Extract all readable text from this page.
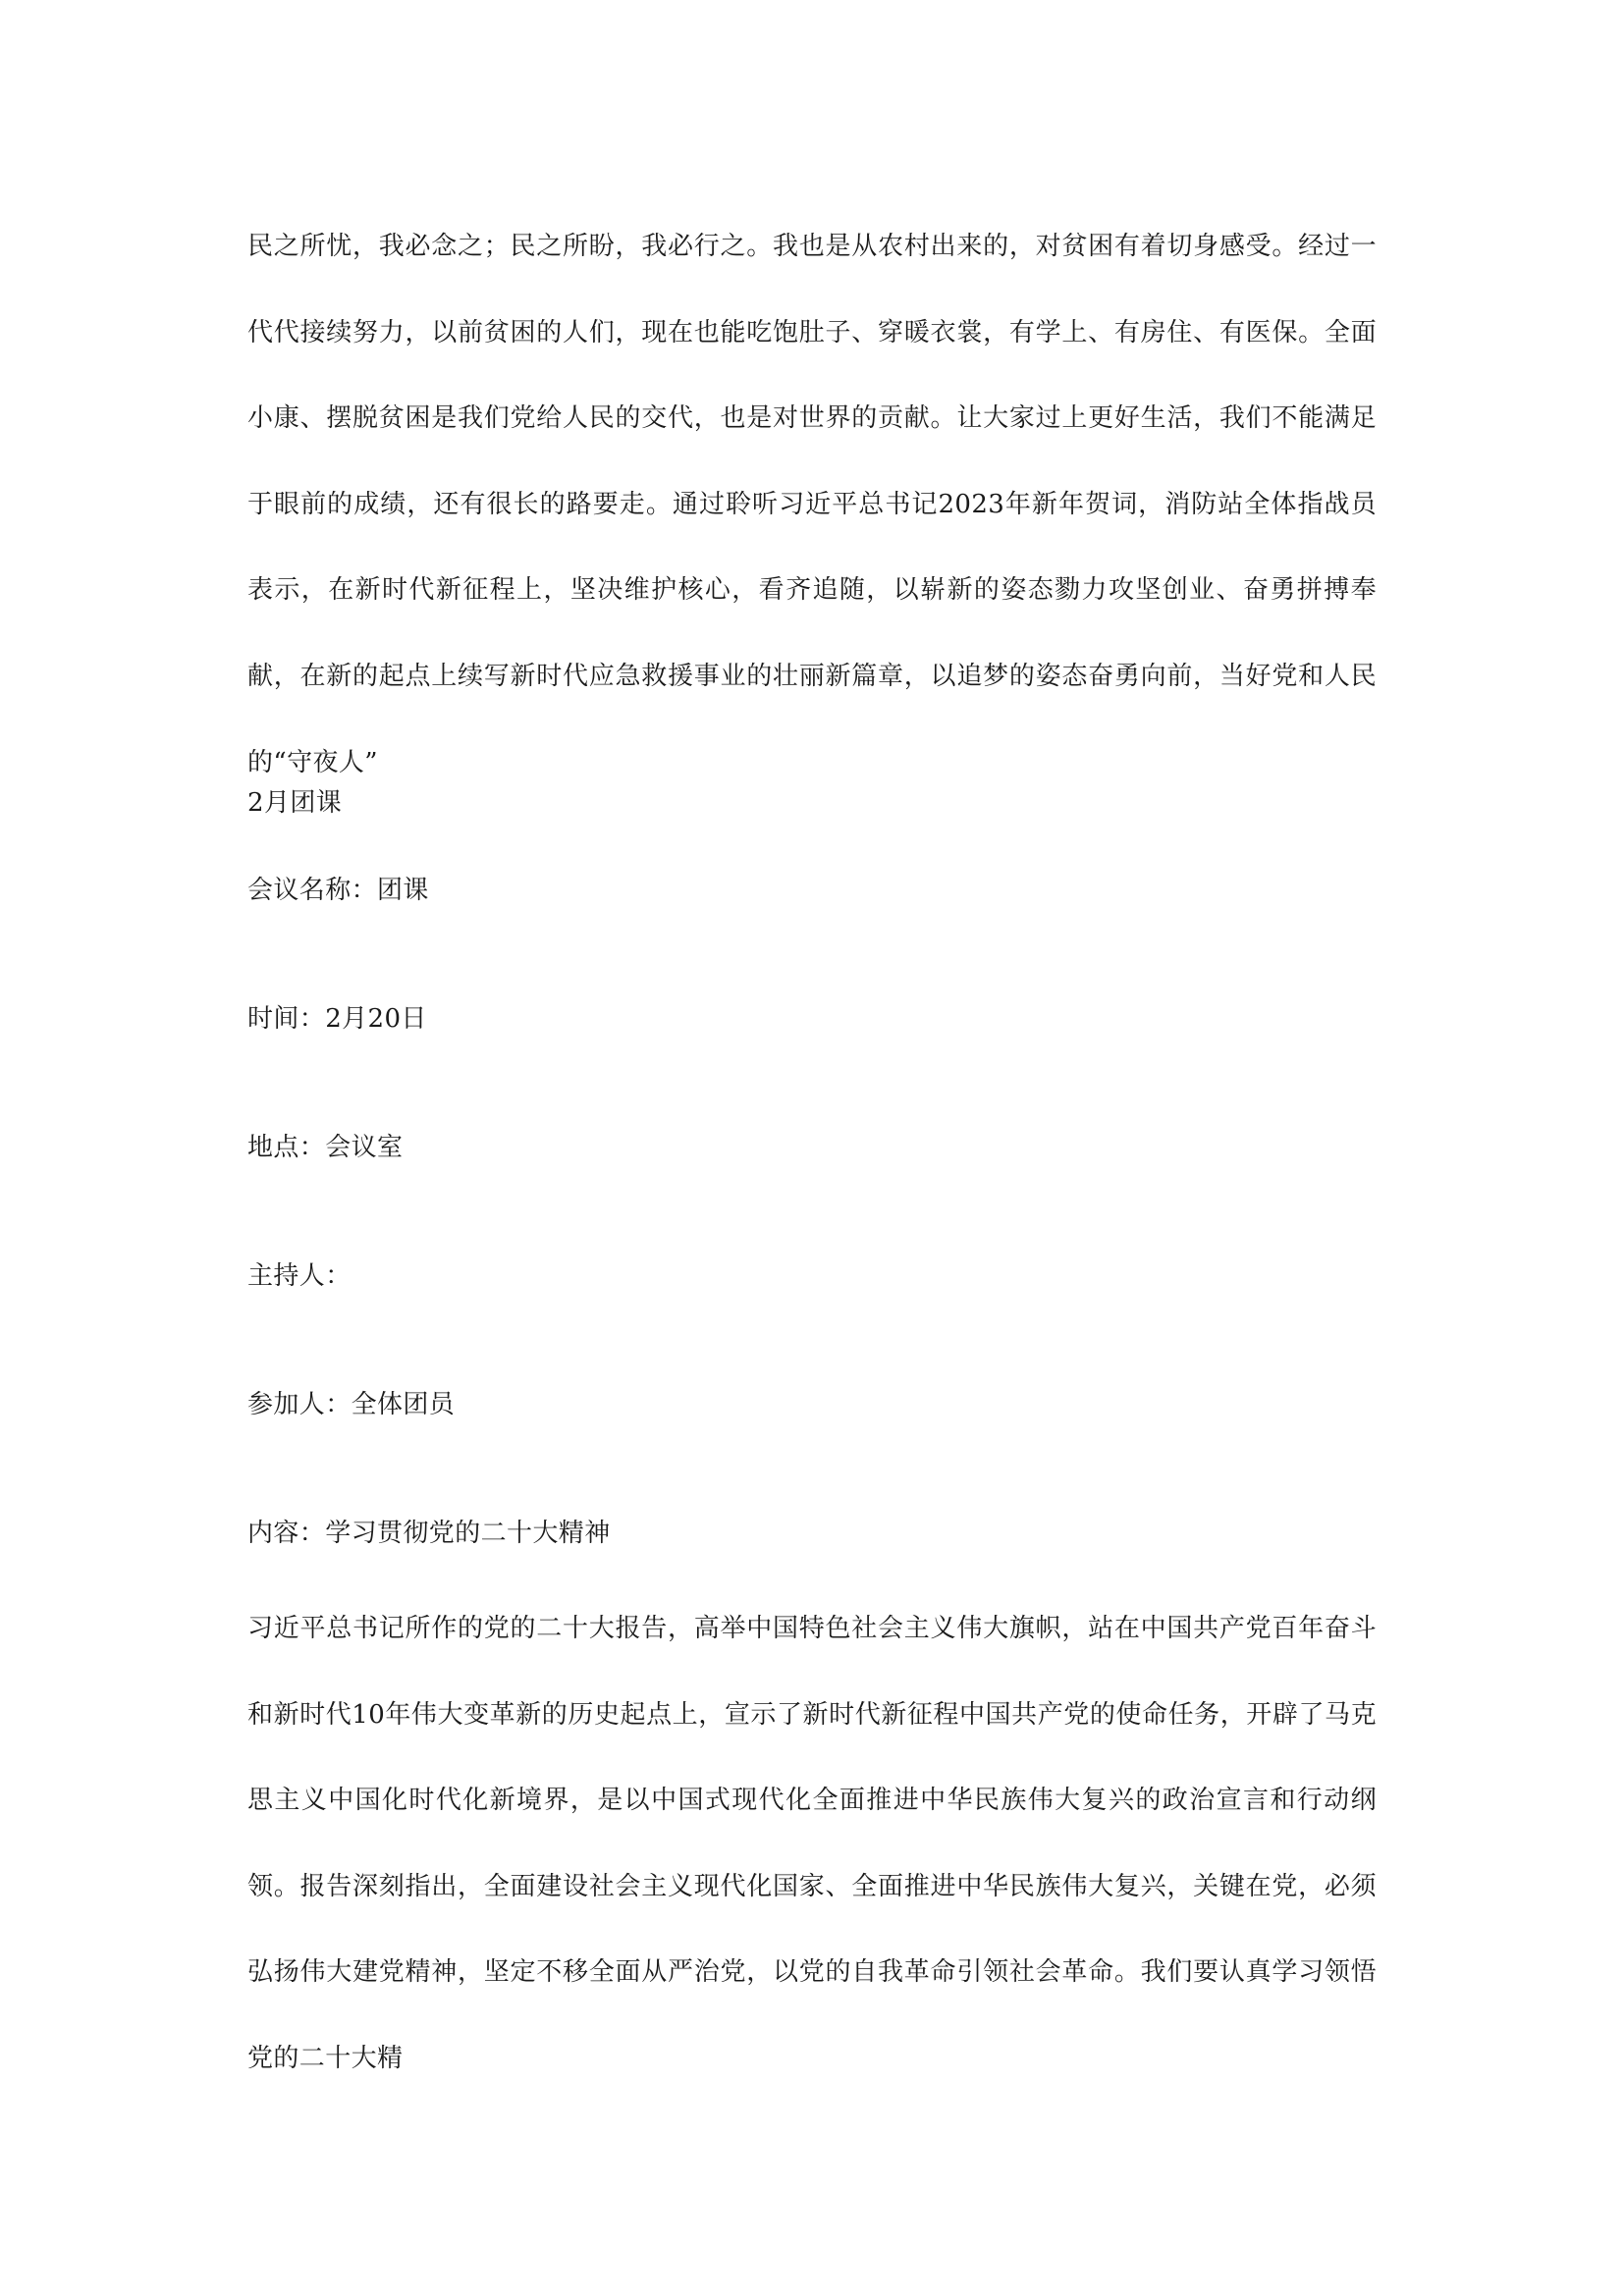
民之所忧，我必念之；民之所盼，我必行之。我也是从农村出来的，对贫困有着切身感受。经过一代代接续努力，以前贫困的人们，现在也能吃饱肚子、穿暖衣裳，有学上、有房住、有医保。全面小康、摆脱贫困是我们党给人民的交代，也是对世界的贡献。让大家过上更好生活，我们不能满足于眼前的成绩，还有很长的路要走。通过聆听习近平总书记2023年新年贺词，消防站全体指战员表示，在新时代新征程上，坚决维护核心，看齐追随，以崭新的姿态勠力攻坚创业、奋勇拼搏奉献，在新的起点上续写新时代应急救援事业的壮丽新篇章，以追梦的姿态奋勇向前，当好党和人民的“守夜人”

2月团课

会议名称：团课

时间：2月20日

地点：会议室

主持人：

参加人：全体团员

内容：学习贯彻党的二十大精神

习近平总书记所作的党的二十大报告，高举中国特色社会主义伟大旗帜，站在中国共产党百年奋斗和新时代10年伟大变革新的历史起点上，宣示了新时代新征程中国共产党的使命任务，开辟了马克思主义中国化时代化新境界，是以中国式现代化全面推进中华民族伟大复兴的政治宣言和行动纲领。报告深刻指出，全面建设社会主义现代化国家、全面推进中华民族伟大复兴，关键在党，必须弘扬伟大建党精神，坚定不移全面从严治党，以党的自我革命引领社会革命。我们要认真学习领悟党的二十大精
